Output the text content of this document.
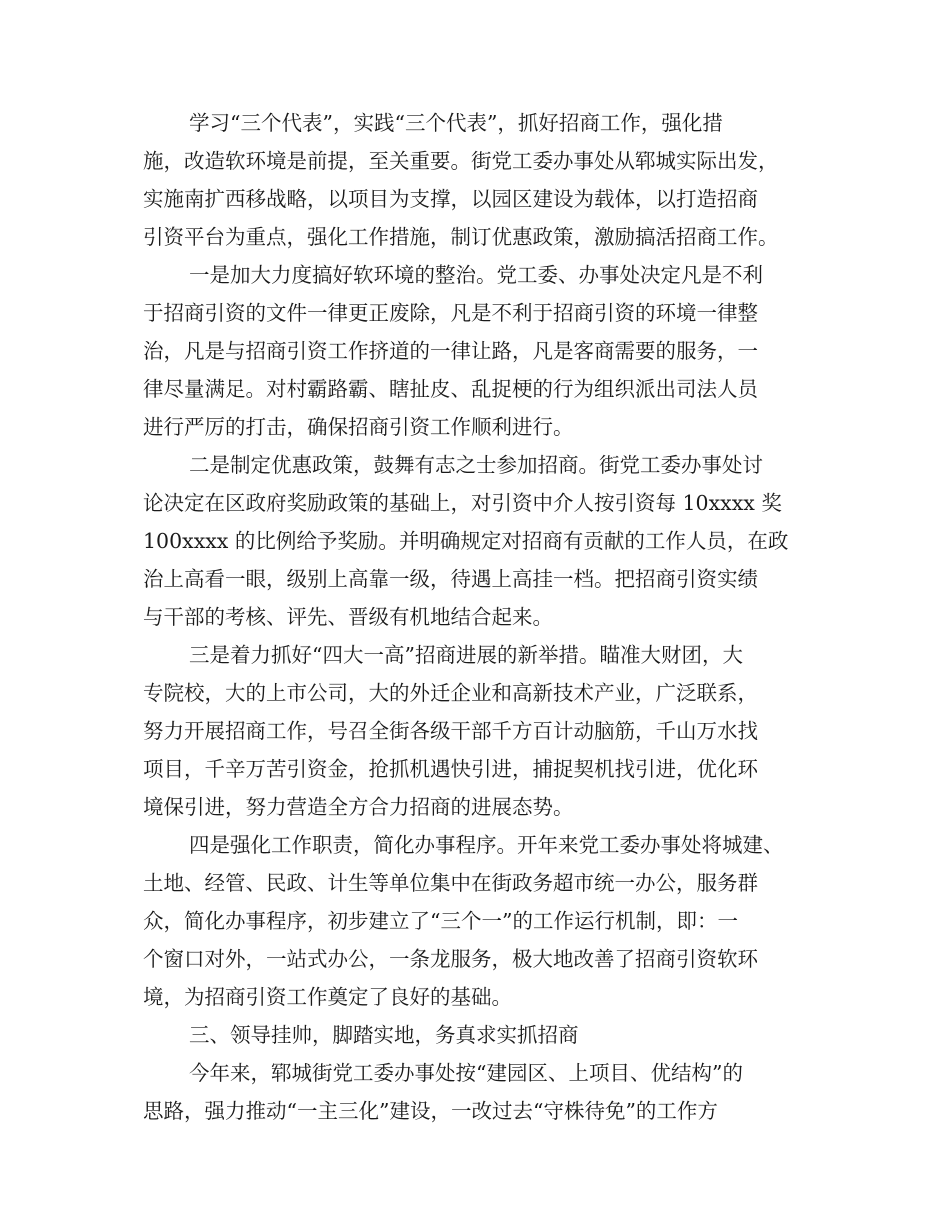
学习“三个代表”，实践“三个代表”，抓好招商工作，强化措
施，改造软环境是前提，至关重要。街党工委办事处从郓城实际出发，
实施南扩西移战略，以项目为支撑，以园区建设为载体，以打造招商
引资平台为重点，强化工作措施，制订优惠政策，激励搞活招商工作。
一是加大力度搞好软环境的整治。党工委、办事处决定凡是不利
于招商引资的文件一律更正废除，凡是不利于招商引资的环境一律整
治，凡是与招商引资工作挤道的一律让路，凡是客商需要的服务，一
律尽量满足。对村霸路霸、瞎扯皮、乱捉梗的行为组织派出司法人员
进行严厉的打击，确保招商引资工作顺利进行。
二是制定优惠政策，鼓舞有志之士参加招商。街党工委办事处讨
论决定在区政府奖励政策的基础上，对引资中介人按引资每 10xxxx 奖
100xxxx 的比例给予奖励。并明确规定对招商有贡献的工作人员，在政
治上高看一眼，级别上高靠一级，待遇上高挂一档。把招商引资实绩
与干部的考核、评先、晋级有机地结合起来。
三是着力抓好“四大一高”招商进展的新举措。瞄准大财团，大
专院校，大的上市公司，大的外迁企业和高新技术产业，广泛联系，
努力开展招商工作，号召全街各级干部千方百计动脑筋，千山万水找
项目，千辛万苦引资金，抢抓机遇快引进，捕捉契机找引进，优化环
境保引进，努力营造全方合力招商的进展态势。
四是强化工作职责，简化办事程序。开年来党工委办事处将城建、
土地、经管、民政、计生等单位集中在街政务超市统一办公，服务群
众，简化办事程序，初步建立了“三个一”的工作运行机制，即：一
个窗口对外，一站式办公，一条龙服务，极大地改善了招商引资软环
境，为招商引资工作奠定了良好的基础。
三、领导挂帅，脚踏实地，务真求实抓招商
今年来，郓城街党工委办事处按“建园区、上项目、优结构”的
思路，强力推动“一主三化”建设，一改过去“守株待免”的工作方
